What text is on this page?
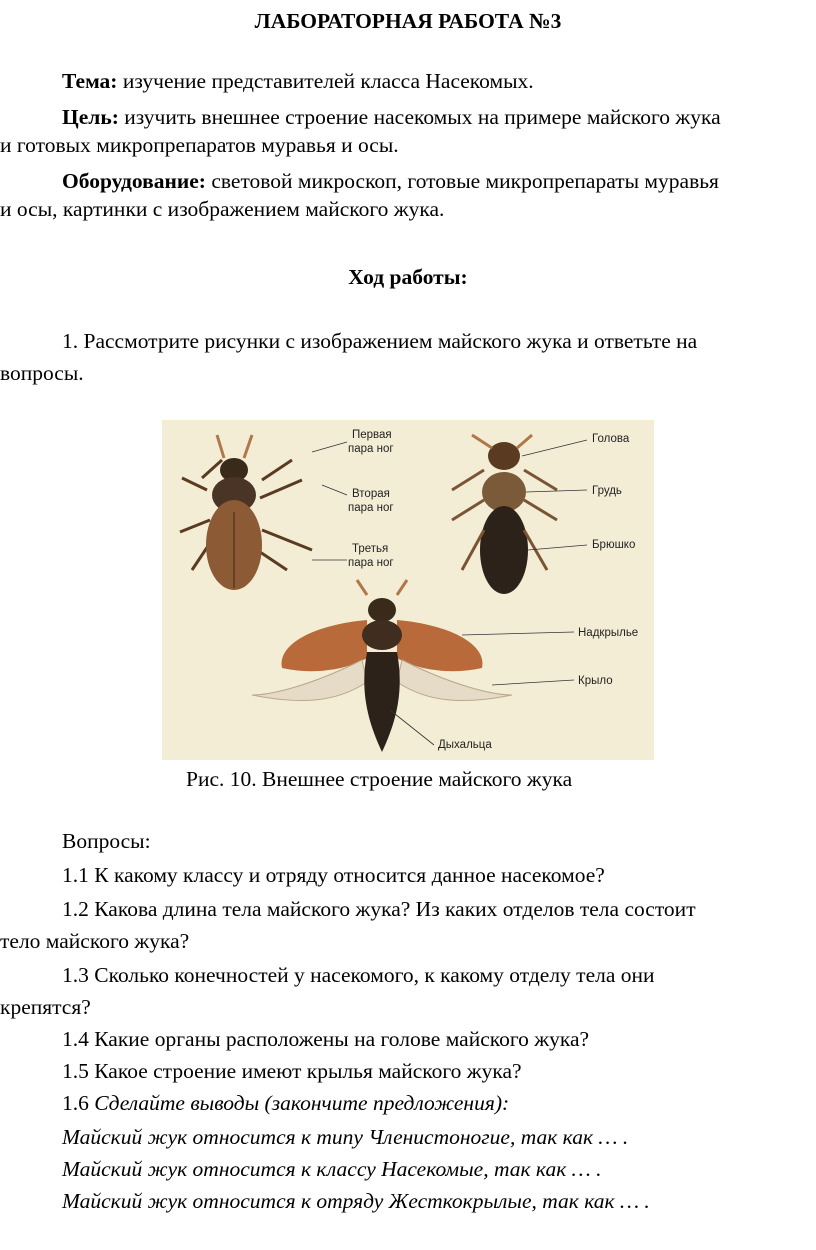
ЛАБОРАТОРНАЯ РАБОТА №3
Тема: изучение представителей класса Насекомых.
Цель: изучить внешнее строение насекомых на примере майского жука
и готовых микропрепаратов муравья и осы.
Оборудование: световой микроскоп, готовые микропрепараты муравья
и осы, картинки с изображением майского жука.
Ход работы:
1. Рассмотрите рисунки с изображением майского жука и ответьте на
вопросы.
Первая
пара ног
Вторая
пара ног
Третья
пара ног
Голова
Грудь
Брюшко
Надкрылье
Крыло
Дыхальца
Рис. 10. Внешнее строение майского жука
Вопросы:
1.1 К какому классу и отряду относится данное насекомое?
1.2 Какова длина тела майского жука? Из каких отделов тела состоит
тело майского жука?
1.3 Сколько конечностей у насекомого, к какому отделу тела они
крепятся?
1.4 Какие органы расположены на голове майского жука?
1.5 Какое строение имеют крылья майского жука?
1.6 Сделайте выводы (закончите предложения):
Майский жук относится к типу Членистоногие, так как … .
Майский жук относится к классу Насекомые, так как … .
Майский жук относится к отряду Жесткокрылые, так как … .
